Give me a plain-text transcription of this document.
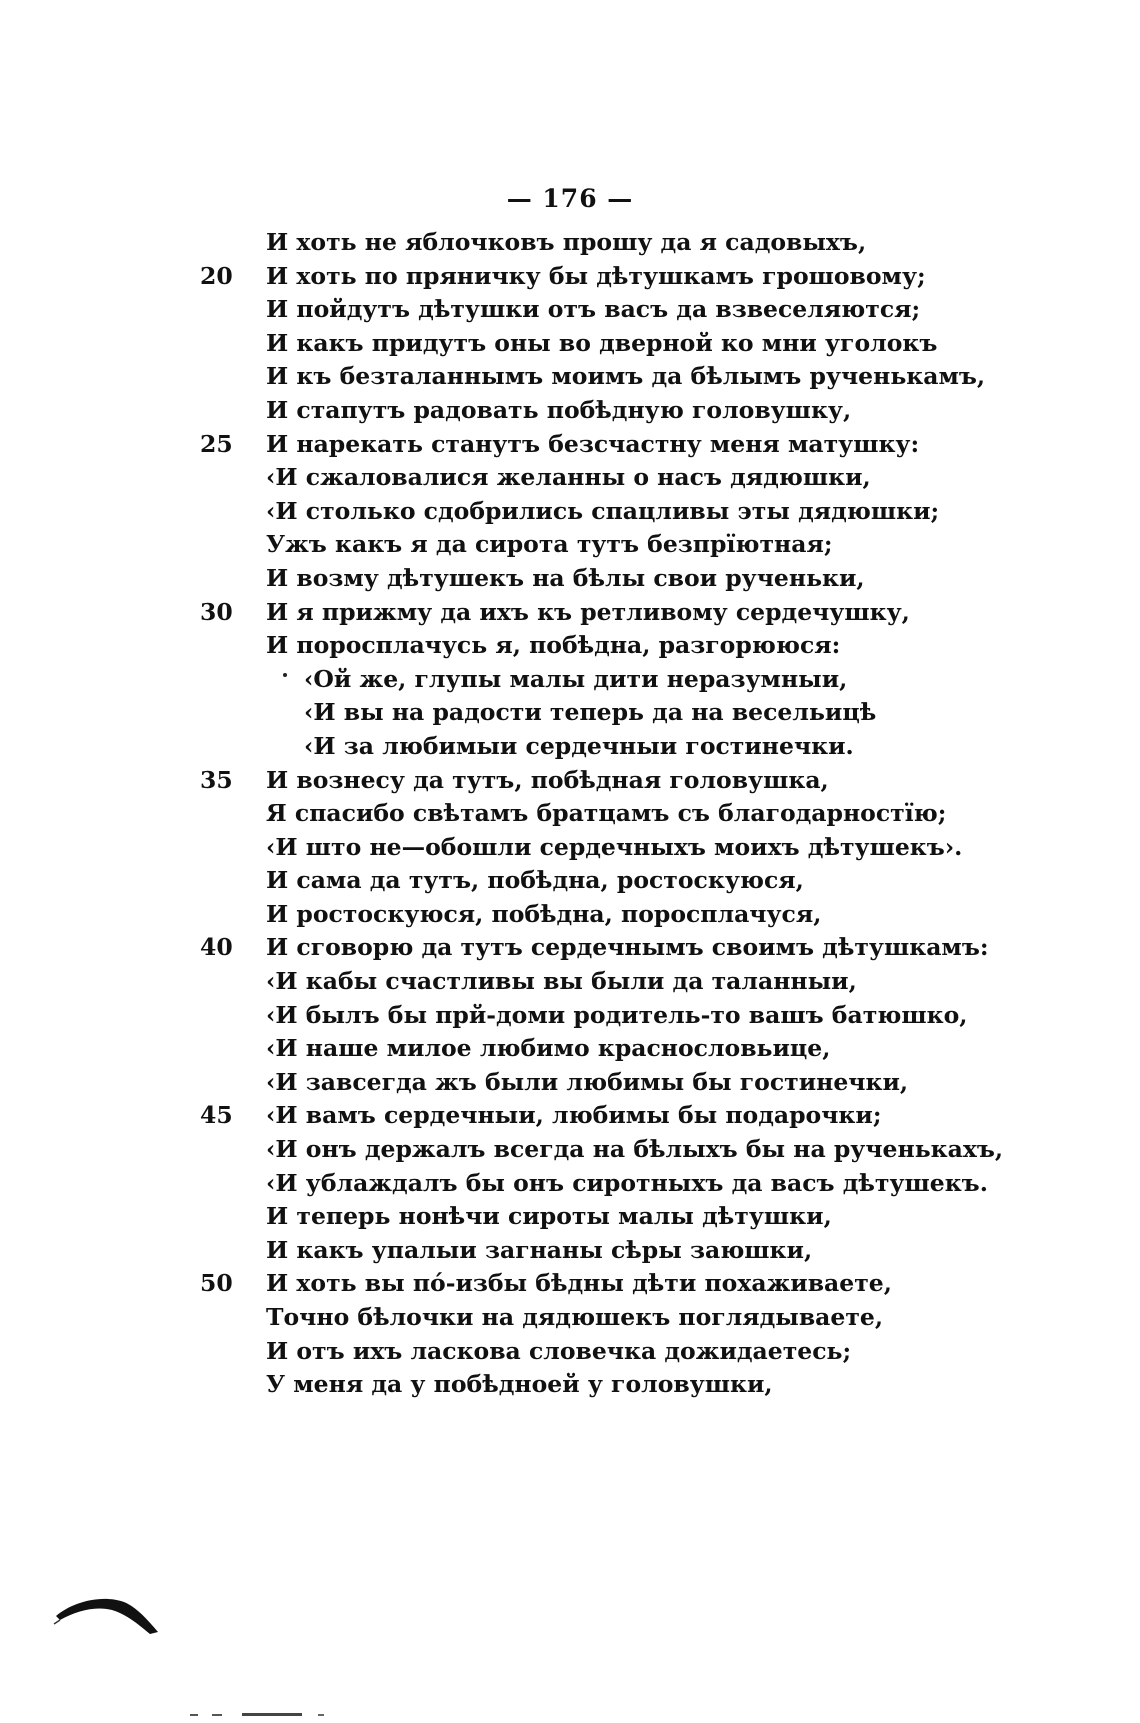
— 176 —
И хоть не яблочковъ прошу да я садовыхъ,
20	И хоть по пряничку бы дѣтушкамъ грошовому;
И пойдутъ дѣтушки отъ васъ да взвеселяются;
И какъ придутъ оны во дверной ко мни уголокъ
И къ безталаннымъ моимъ да бѣлымъ рученькамъ,
И стапутъ радовать побѣдную головушку,
25	И нарекать станутъ безсчастну меня матушку:
‹И сжаловалися желанны о насъ дядюшки,
‹И столько сдобрились спацливы эты дядюшки;
Ужъ какъ я да сирота тутъ безпрїютная;
И возму дѣтушекъ на бѣлы свои рученьки,
30	И я прижму да ихъ къ ретливому сердечушку,
И поросплачусь я, побѣдна, разгорююся:
‹Ой же, глупы малы дити неразумныи,
‹И вы на радости теперь да на весельицѣ
‹И за любимыи сердечныи гостинечки.
35	И вознесу да тутъ, побѣдная головушка,
Я спасибо свѣтамъ братцамъ съ благодарностїю;
‹И што не—обошли сердечныхъ моихъ дѣтушекъ›.
И сама да тутъ, побѣдна, ростоскуюся,
И ростоскуюся, побѣдна, поросплачуся,
40	И сговорю да тутъ сердечнымъ своимъ дѣтушкамъ:
‹И кабы счастливы вы были да таланныи,
‹И былъ бы прй-доми родитель-то вашъ батюшко,
‹И наше милое любимо краснословьице,
‹И завсегда жъ были любимы бы гостинечки,
45	‹И вамъ сердечныи, любимы бы подарочки;
‹И онъ держалъ всегда на бѣлыхъ бы на рученькахъ,
‹И ублаждалъ бы онъ сиротныхъ да васъ дѣтушекъ.
И теперь нонѣчи сироты малы дѣтушки,
И какъ упалыи загнаны сѣры заюшки,
50	И хоть вы пó-избы бѣдны дѣти похаживаете,
Точно бѣлочки на дядюшекъ поглядываете,
И отъ ихъ ласкова словечка дожидаетесь;
У меня да у побѣдноей у головушки,
